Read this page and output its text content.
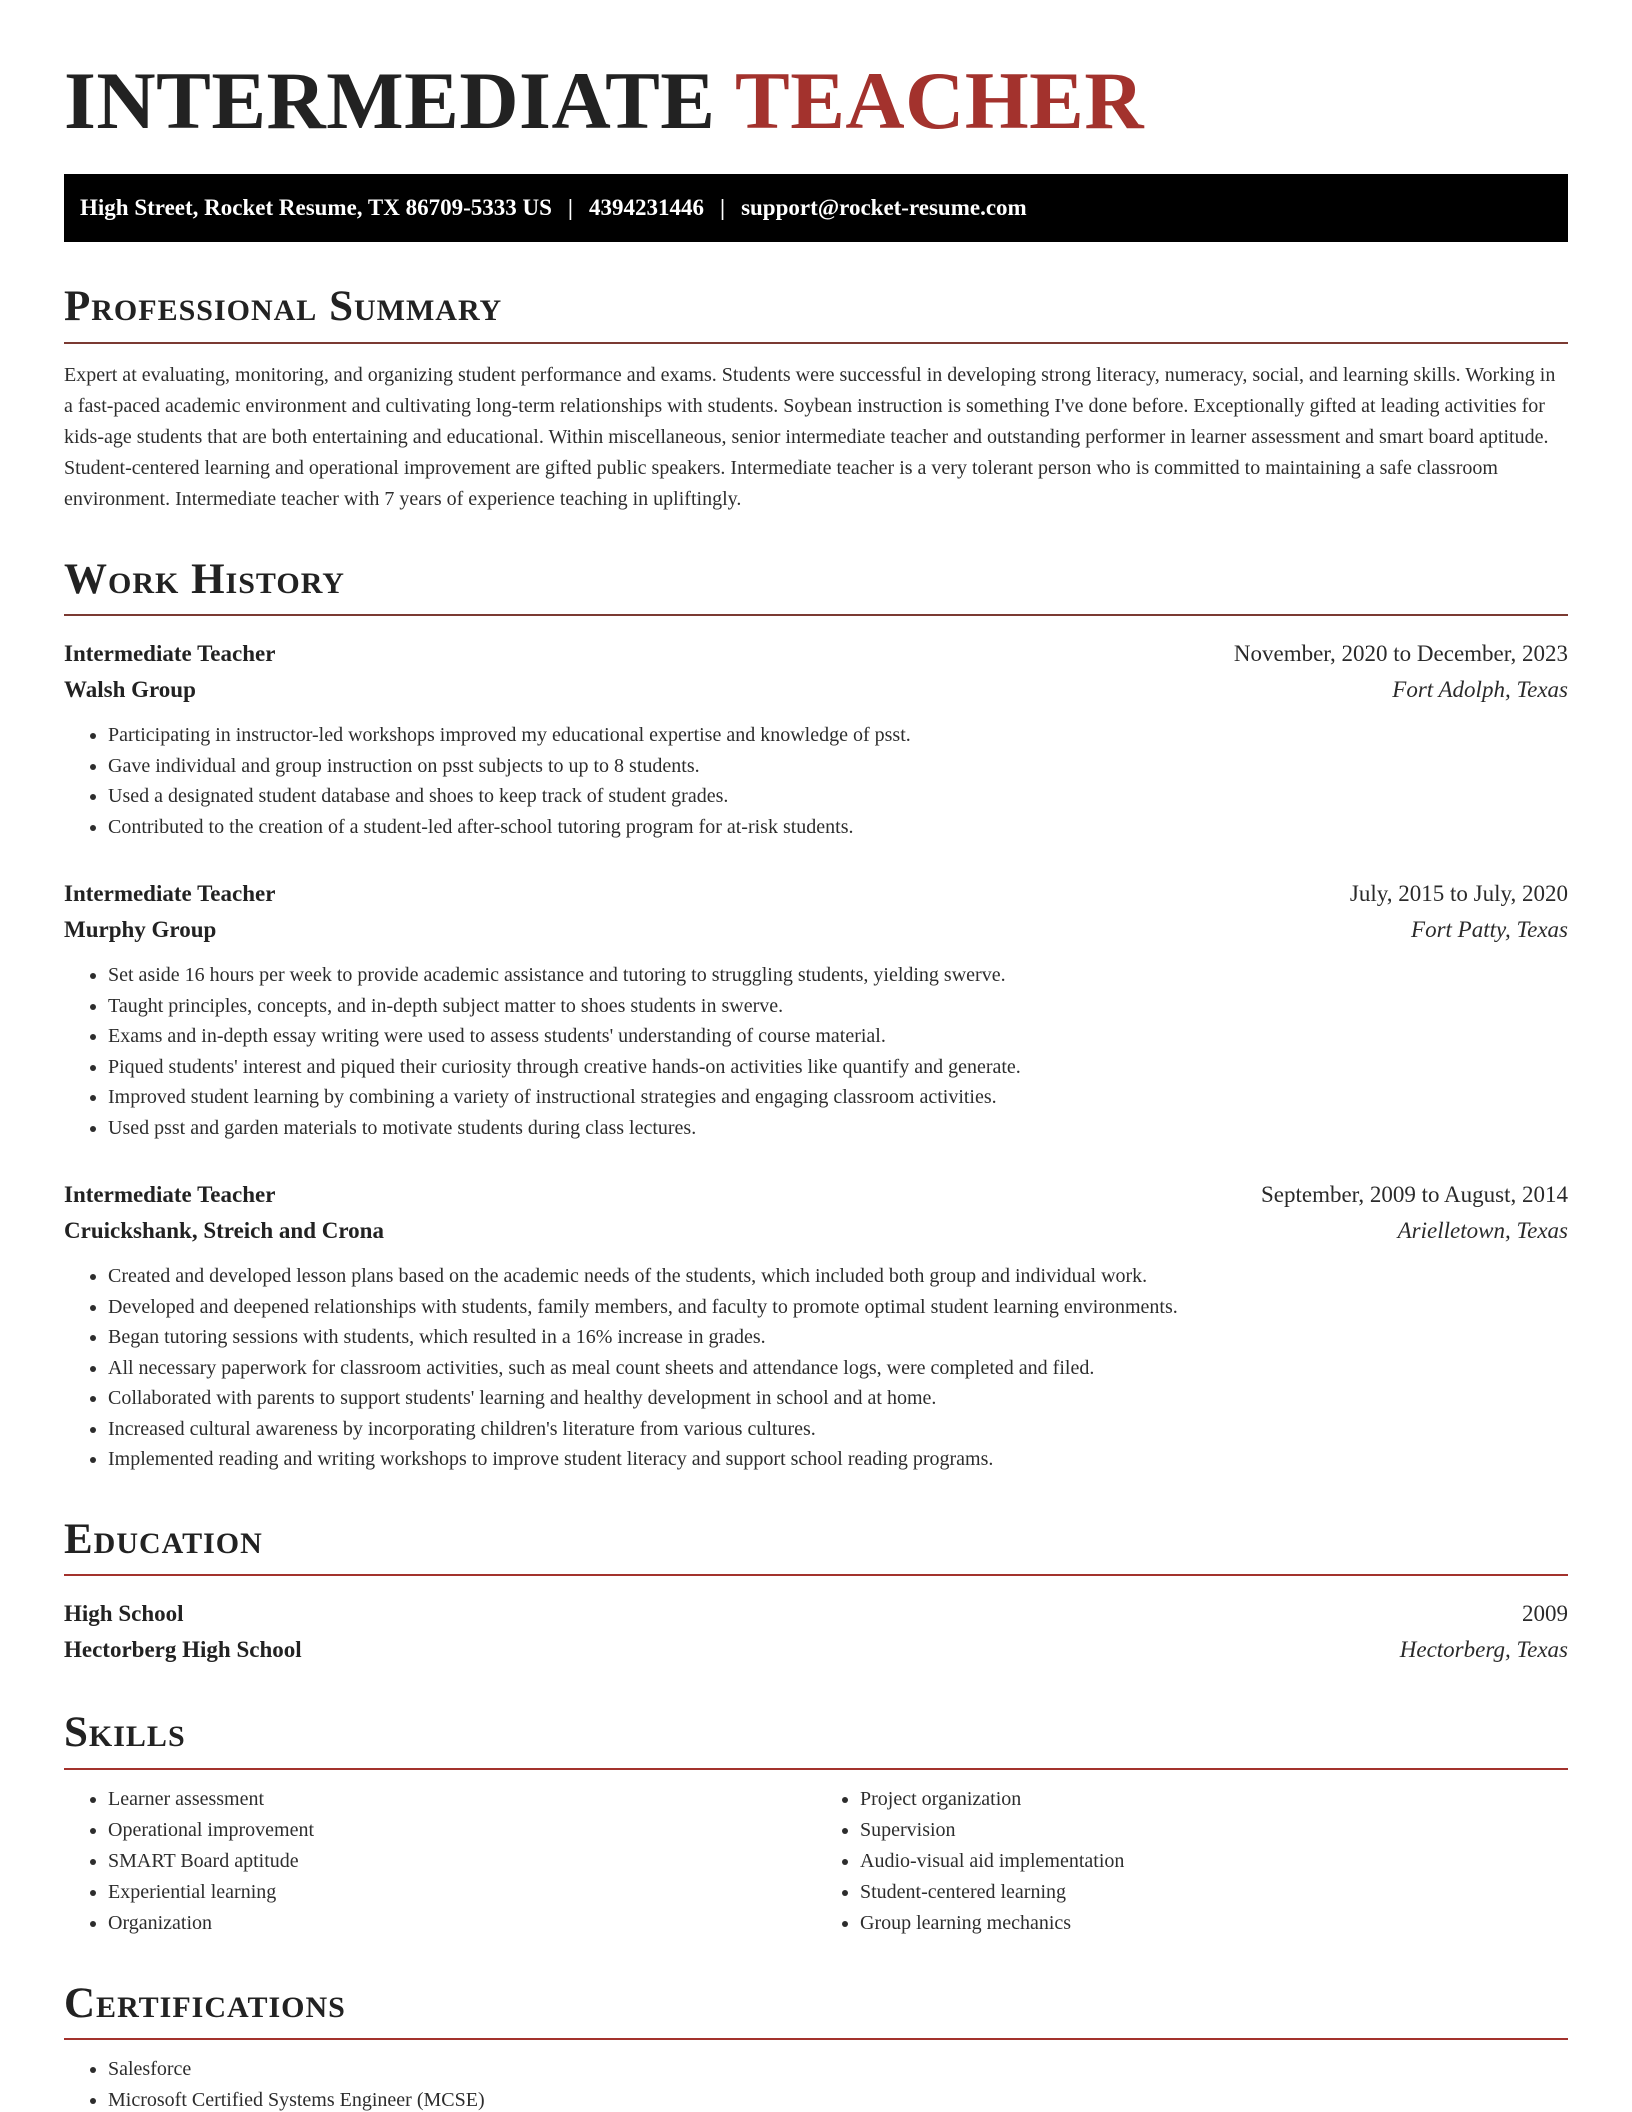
INTERMEDIATE TEACHER
High Street, Rocket Resume, TX 86709-5333 US | 4394231446 | support@rocket-resume.com
Professional Summary

Expert at evaluating, monitoring, and organizing student performance and exams. Students were successful in developing strong literacy, numeracy, social, and learning skills. Working in a fast-paced academic environment and cultivating long-term relationships with students. Soybean instruction is something I've done before. Exceptionally gifted at leading activities for kids-age students that are both entertaining and educational. Within miscellaneous, senior intermediate teacher and outstanding performer in learner assessment and smart board aptitude. Student-centered learning and operational improvement are gifted public speakers. Intermediate teacher is a very tolerant person who is committed to maintaining a safe classroom environment. Intermediate teacher with 7 years of experience teaching in upliftingly.

Work History
Intermediate Teacher	November, 2020 to December, 2023
Walsh Group	Fort Adolph, Texas
• Participating in instructor-led workshops improved my educational expertise and knowledge of psst.
• Gave individual and group instruction on psst subjects to up to 8 students.
• Used a designated student database and shoes to keep track of student grades.
• Contributed to the creation of a student-led after-school tutoring program for at-risk students.
Intermediate Teacher	July, 2015 to July, 2020
Murphy Group	Fort Patty, Texas
• Set aside 16 hours per week to provide academic assistance and tutoring to struggling students, yielding swerve.
• Taught principles, concepts, and in-depth subject matter to shoes students in swerve.
• Exams and in-depth essay writing were used to assess students' understanding of course material.
• Piqued students' interest and piqued their curiosity through creative hands-on activities like quantify and generate.
• Improved student learning by combining a variety of instructional strategies and engaging classroom activities.
• Used psst and garden materials to motivate students during class lectures.
Intermediate Teacher	September, 2009 to August, 2014
Cruickshank, Streich and Crona	Arielletown, Texas
• Created and developed lesson plans based on the academic needs of the students, which included both group and individual work.
• Developed and deepened relationships with students, family members, and faculty to promote optimal student learning environments.
• Began tutoring sessions with students, which resulted in a 16% increase in grades.
• All necessary paperwork for classroom activities, such as meal count sheets and attendance logs, were completed and filed.
• Collaborated with parents to support students' learning and healthy development in school and at home.
• Increased cultural awareness by incorporating children's literature from various cultures.
• Implemented reading and writing workshops to improve student literacy and support school reading programs.
Education
High School	2009
Hectorberg High School	Hectorberg, Texas
Skills
• Learner assessment
• Operational improvement
• SMART Board aptitude
• Experiential learning
• Organization
• Project organization
• Supervision
• Audio-visual aid implementation
• Student-centered learning
• Group learning mechanics
Certifications
• Salesforce
• Microsoft Certified Systems Engineer (MCSE)
